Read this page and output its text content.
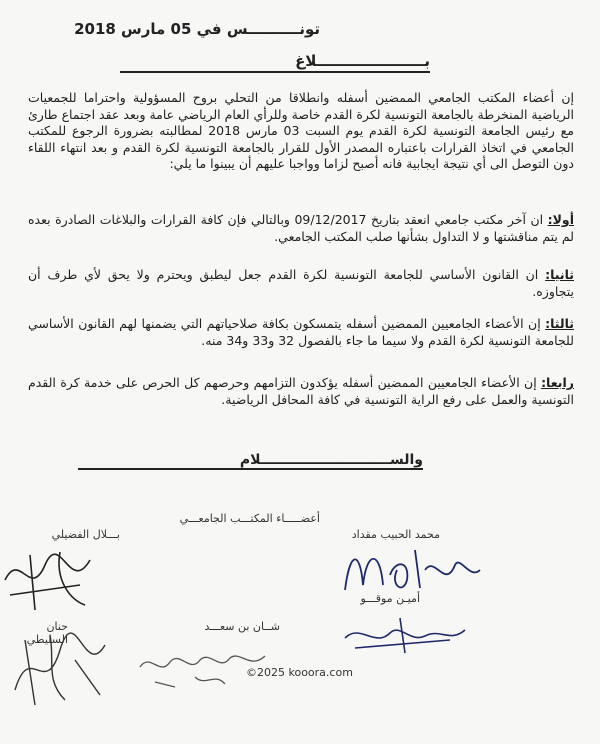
تونــــــــــس في 05 مارس 2018
بـــــــــــــــــــــلاغ
إن أعضاء المكتب الجامعي الممضين أسفله وانطلاقا من التحلي بروح المسؤولية واحتراما للجمعيات الرياضية المنخرطة بالجامعة التونسية لكرة القدم خاصة وللرأي العام الرياضي عامة وبعد عقد اجتماع طارئ مع رئيس الجامعة التونسية لكرة القدم يوم السبت 03 مارس 2018 لمطالبته بضرورة الرجوع للمكتب الجامعي في اتخاذ القرارات باعتباره المصدر الأول للقرار بالجامعة التونسية لكرة القدم و بعد انتهاء اللقاء دون التوصل الى أي نتيجة ايجابية فانه أصبح لزاما وواجبا عليهم أن يبينوا ما يلي:
أولا: ان آخر مكتب جامعي انعقد بتاريخ 09/12/2017 وبالتالي فإن كافة القرارات والبلاغات الصادرة بعده لم يتم مناقشتها و لا التداول بشأنها صلب المكتب الجامعي.
ثانيا: ان القانون الأساسي للجامعة التونسية لكرة القدم جعل ليطبق ويحترم ولا يحق لأي طرف أن يتجاوزه.
ثالثا: إن الأعضاء الجامعيين الممضين أسفله يتمسكون بكافة صلاحياتهم التي يضمنها لهم القانون الأساسي للجامعة التونسية لكرة القدم ولا سيما ما جاء بالفصول 32 و33 و34 منه.
رابعا: إن الأعضاء الجامعيين الممضين أسفله يؤكدون التزامهم وحرصهم كل الحرص على خدمة كرة القدم التونسية والعمل على رفع الراية التونسية في كافة المحافل الرياضية.
والســـــــــــــــــــــــــــلام
أعضـــــاء المكتـــب الجامعـــي
بـــلال الفضيلي	محمد الحبيب مقداد
حنان السليطي
أميـن موقـــو
شــان بن سعـــد
©2025 kooora.com
